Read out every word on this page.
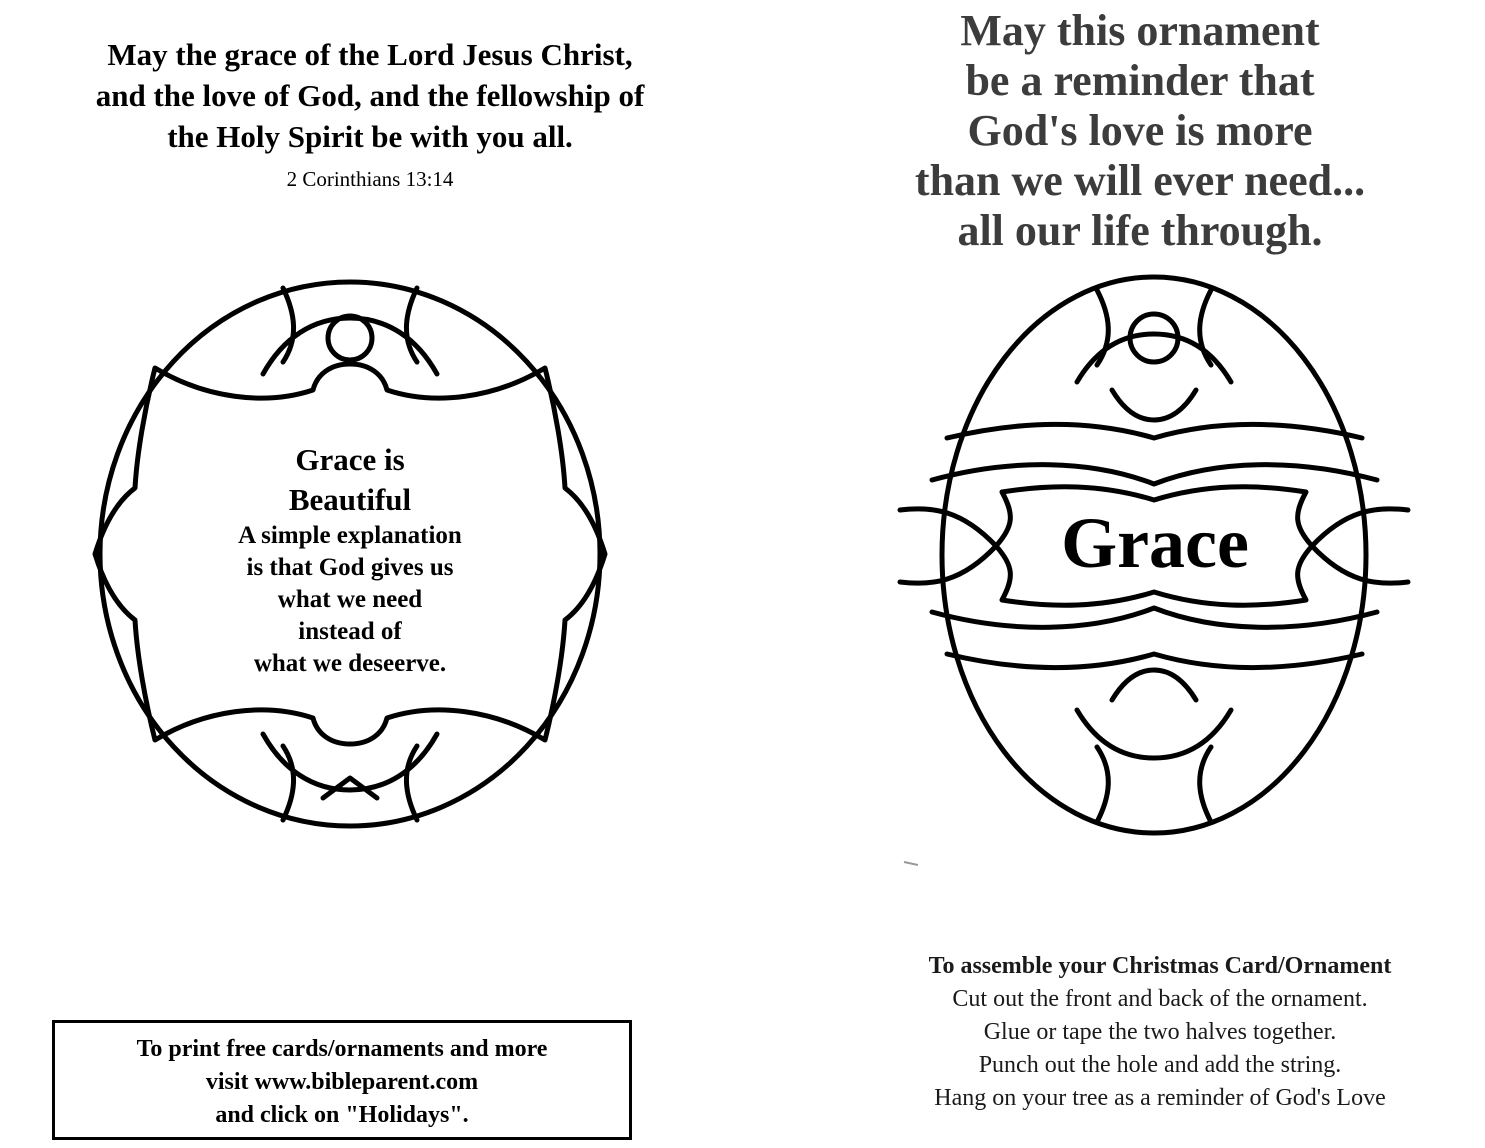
May the grace of the Lord Jesus Christ,
and the love of God, and the fellowship of
the Holy Spirit be with you all.
2 Corinthians 13:14
Grace is
Beautiful
A simple explanation
is that God gives us
what we need
instead of
what we deseerve.
To print free cards/ornaments and more
visit www.bibleparent.com
and click on "Holidays".
May this ornament
be a reminder that
God's love is more
than we will ever need...
all our life through.
Grace
To assemble your Christmas Card/Ornament
Cut out the front and back of the ornament.
Glue or tape the two halves together.
Punch out the hole and add the string.
Hang on your tree as a reminder of God's Love
